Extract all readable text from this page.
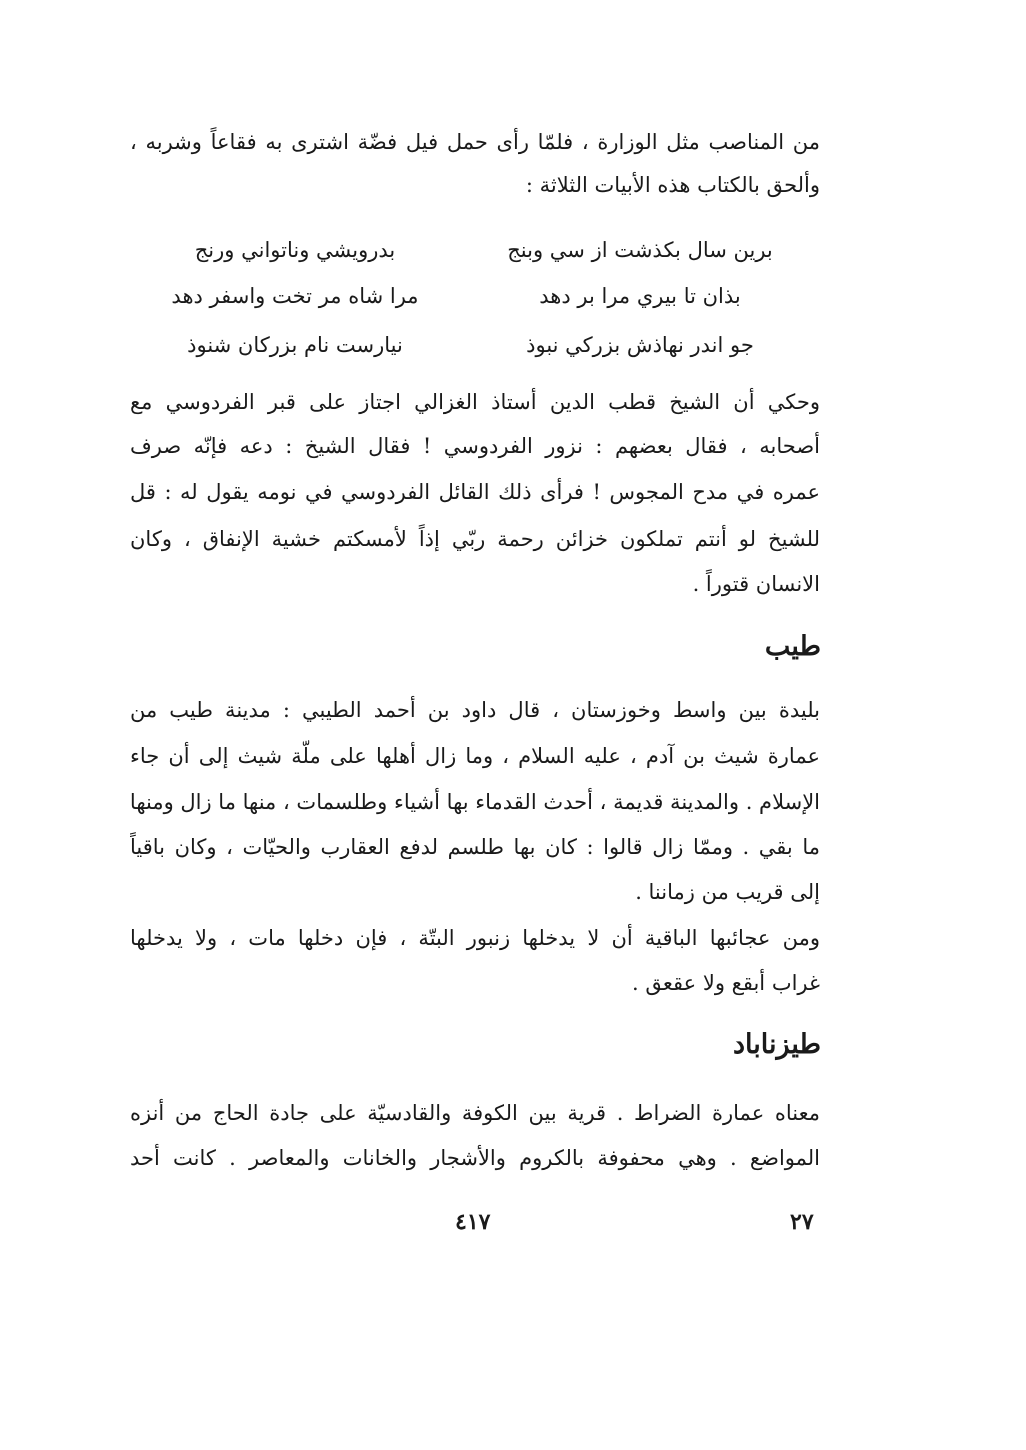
من المناصب مثل الوزارة ، فلمّا رأى حمل فيل فضّة اشترى به فقاعاً وشربه ،
وألحق بالكتاب هذه الأبيات الثلاثة :
برين سال بكذشت از سي وبنج
بدرويشي وناتواني ورنج
بذان تا بيري مرا بر دهد
مرا شاه مر تخت واسفر دهد
جو اندر نهاذش بزركي نبوذ
نيارست نام بزركان شنوذ
وحكي أن الشيخ قطب الدين أستاذ الغزالي اجتاز على قبر الفردوسي مع
أصحابه ، فقال بعضهم : نزور الفردوسي ! فقال الشيخ : دعه فإنّه صرف
عمره في مدح المجوس ! فرأى ذلك القائل الفردوسي في نومه يقول له : قل
للشيخ لو أنتم تملكون خزائن رحمة ربّي إذاً لأمسكتم خشية الإنفاق ، وكان
الانسان قتوراً .
طيب
بليدة بين واسط وخوزستان ، قال داود بن أحمد الطيبي : مدينة طيب من
عمارة شيث بن آدم ، عليه السلام ، وما زال أهلها على ملّة شيث إلى أن جاء
الإسلام . والمدينة قديمة ، أحدث القدماء بها أشياء وطلسمات ، منها ما زال ومنها
ما بقي . وممّا زال قالوا : كان بها طلسم لدفع العقارب والحيّات ، وكان باقياً
إلى قريب من زماننا .
ومن عجائبها الباقية أن لا يدخلها زنبور البتّة ، فإن دخلها مات ، ولا يدخلها
غراب أبقع ولا عقعق .
طيزناباد
معناه عمارة الضراط . قرية بين الكوفة والقادسيّة على جادة الحاج من أنزه
المواضع . وهي محفوفة بالكروم والأشجار والخانات والمعاصر . كانت أحد
٤١٧	٢٧
